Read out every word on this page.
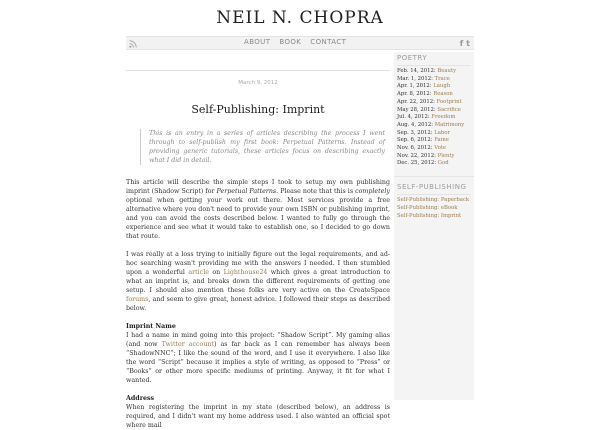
NEIL N. CHOPRA
ABOUT BOOK CONTACT	f t
March 9, 2012
Self-Publishing: Imprint
This is an entry in a series of articles describing the process I went through to self-publish my first book: Perpetual Patterns. Instead of providing generic tutorials, these articles focus on describing exactly what I did in detail.

This article will describe the simple steps I took to setup my own publishing imprint (Shadow Script) for Perpetual Patterns. Please note that this is completely optional when getting your work out there. Most services provide a free alternative where you don't need to provide your own ISBN or publishing imprint, and you can avoid the costs described below. I wanted to fully go through the experience and see what it would take to establish one, so I decided to go down that route.

I was really at a loss trying to initially figure out the legal requirements, and ad-hoc searching wasn't providing me with the answers I needed. I then stumbled upon a wonderful article on Lighthouse24 which gives a great introduction to what an imprint is, and breaks down the different requirements of getting one setup. I should also mention these folks are very active on the CreateSpace forums, and seem to give great, honest advice. I followed their steps as described below.

Imprint Name

I had a name in mind going into this project: “Shadow Script”. My gaming alias (and now Twitter account) as far back as I can remember has always been “ShadowNNC”; I like the sound of the word, and I use it everywhere. I also like the word “Script” because it implies a style of writing, as opposed to “Press” or “Books” or other more specific mediums of printing. Anyway, it fit for what I wanted.

Address

When registering the imprint in my state (described below), an address is required, and I didn't want my home address used. I also wanted an official spot where mail

POETRY
Feb. 14, 2012: Beauty
Mar. 1, 2012: Trace
Apr. 1, 2012: Laugh
Apr. 8, 2012: Reason
Apr. 22, 2012: Footprint
May 28, 2012: Sacrifice
Jul. 4, 2012: Freedom
Aug. 4, 2012: Matrimony
Sep. 3, 2012: Labor
Sep. 6, 2012: Fame
Nov. 6, 2012: Vote
Nov. 22, 2012: Plenty
Dec. 25, 2012: God
SELF-PUBLISHING
Self-Publishing: Paperback
Self-Publishing: eBook
Self-Publishing: Imprint
